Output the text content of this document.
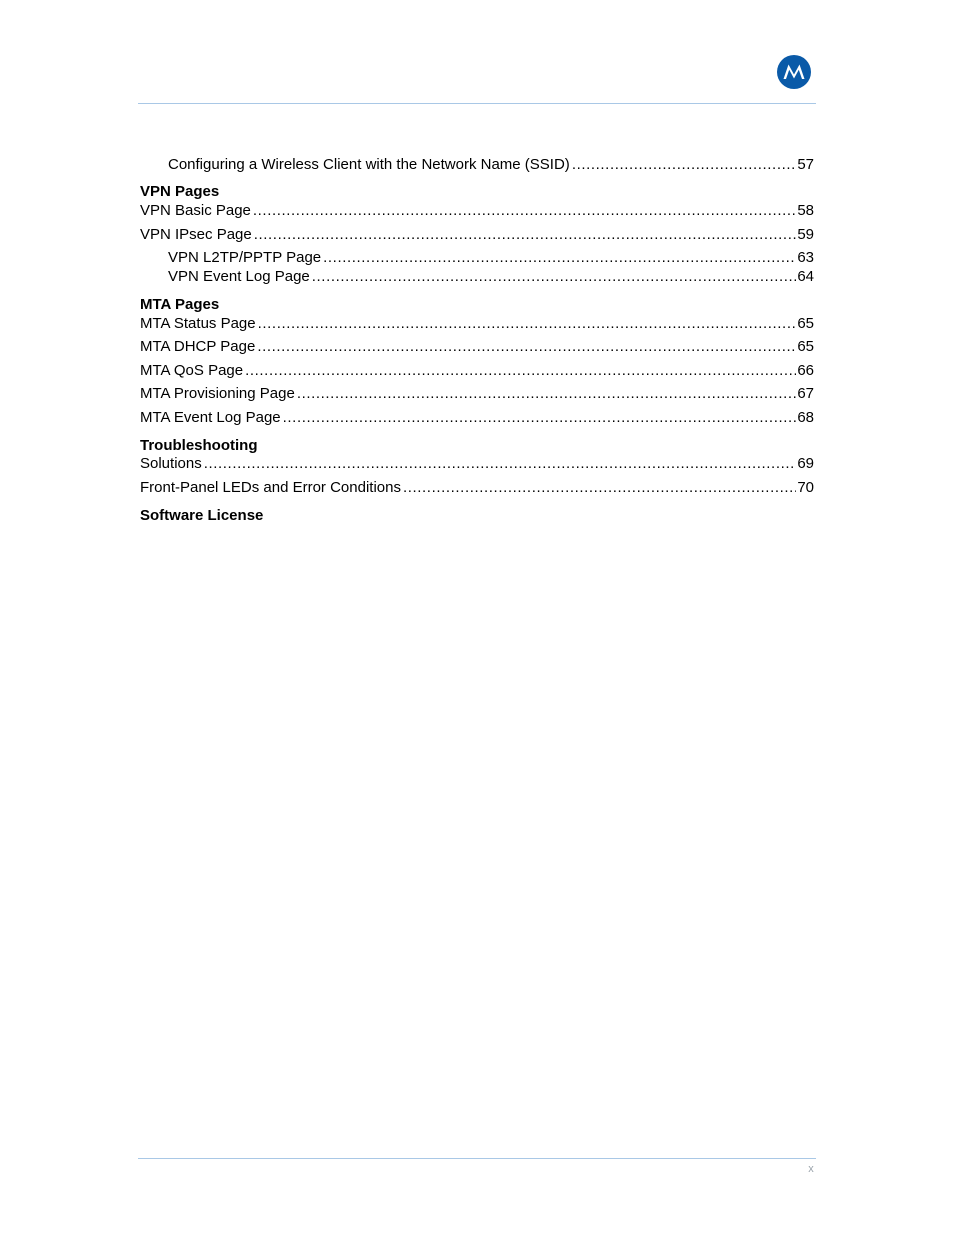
Configuring a Wireless Client with the Network Name (SSID) .....	57
VPN Pages
VPN Basic Page .....	58
VPN IPsec Page .....	59
VPN L2TP/PPTP Page .....	63
VPN Event Log Page .....	64
MTA Pages
MTA Status Page .....	65
MTA DHCP Page .....	65
MTA QoS Page .....	66
MTA Provisioning Page .....	67
MTA Event Log Page .....	68
Troubleshooting
Solutions .....	69
Front-Panel LEDs and Error Conditions .....	70
Software License
x
